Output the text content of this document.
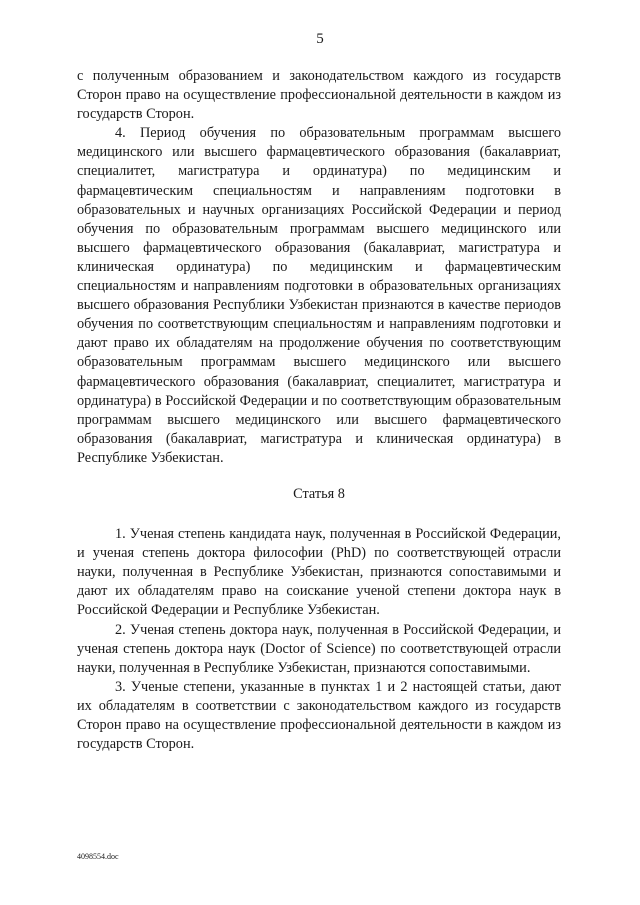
5

с полученным образованием и законодательством каждого из государств Сторон право на осуществление профессиональной деятельности в каждом из государств Сторон.

4. Период обучения по образовательным программам высшего медицинского или высшего фармацевтического образования (бакалавриат, специалитет, магистратура и ординатура) по медицинским и фармацевтическим специальностям и направлениям подготовки в образовательных и научных организациях Российской Федерации и период обучения по образовательным программам высшего медицинского или высшего фармацевтического образования (бакалавриат, магистратура и клиническая ординатура) по медицинским и фармацевтическим специальностям и направлениям подготовки в образовательных организациях высшего образования Республики Узбекистан признаются в качестве периодов обучения по соответствующим специальностям и направлениям подготовки и дают право их обладателям на продолжение обучения по соответствующим образовательным программам высшего медицинского или высшего фармацевтического образования (бакалавриат, специалитет, магистратура и ординатура) в Российской Федерации и по соответствующим образовательным программам высшего медицинского или высшего фармацевтического образования (бакалавриат, магистратура и клиническая ординатура) в Республике Узбекистан.

Статья 8

1. Ученая степень кандидата наук, полученная в Российской Федерации, и ученая степень доктора философии (PhD) по соответствующей отрасли науки, полученная в Республике Узбекистан, признаются сопоставимыми и дают их обладателям право на соискание ученой степени доктора наук в Российской Федерации и Республике Узбекистан.

2. Ученая степень доктора наук, полученная в Российской Федерации, и ученая степень доктора наук (Doctor of Science) по соответствующей отрасли науки, полученная в Республике Узбекистан, признаются сопоставимыми.

3. Ученые степени, указанные в пунктах 1 и 2 настоящей статьи, дают их обладателям в соответствии с законодательством каждого из государств Сторон право на осуществление профессиональной деятельности в каждом из государств Сторон.

4098554.doc
